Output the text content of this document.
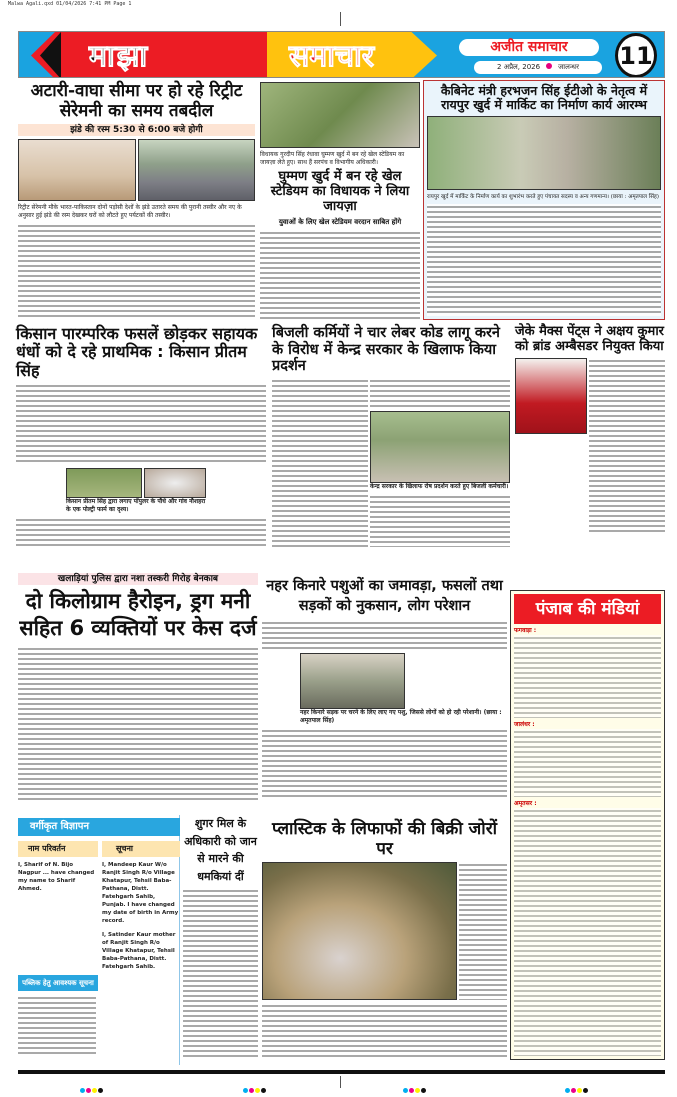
Malwa Agali.qxd 01/04/2026 7:41 PM Page 1
माझा	समाचार	अजीत समाचार
2 अप्रैल, 2026	जालन्धर	11
अटारी-वाघा सीमा पर हो रहे रिट्रीट सेरेमनी का समय तबदील
झंडे की रस्म 5:30 से 6:00 बजे होगी
रिट्रीट सेरेमनी मौके भारत-पाकिस्तान दोनों पड़ोसी देशों के झंडे उतारते समय की पुरानी तस्वीर और नए के अनुसार हुई झंडे की रस्म देखकर घरों को लौटते हुए पर्यटकों की तस्वीर।
विधायक गुरदीप सिंह रंधावा घुम्मण खुर्द में बन रहे खेल स्टेडियम का जायज़ा लेते हुए। साथ हैं सरपंच व विभागीय अधिकारी।
घुम्मण खुर्द में बन रहे खेल स्टेडियम का विधायक ने लिया जायज़ा
युवाओं के लिए खेल स्टेडियम वरदान साबित होंगे
कैबिनेट मंत्री हरभजन सिंह ईटीओ के नेतृत्व में रायपुर खुर्द में मार्किट का निर्माण कार्य आरम्भ
रायपुर खुर्द में मार्किट के निर्माण कार्य का शुभारंभ करते हुए पंचायत सदस्य व अन्य गणमान्य। (छाया : अमृतपाल सिंह)
किसान पारम्परिक फसलें छोड़कर सहायक धंधों को दे रहे प्राथमिक : किसान प्रीतम सिंह
किसान प्रीतम सिंह द्वारा लगाए पॉपुलर के पौधे और गांव नौशहरा के एक पोल्ट्री फार्म का दृश्य।
बिजली कर्मियों ने चार लेबर कोड लागू करने के विरोध में केन्द्र सरकार के खिलाफ किया प्रदर्शन
केन्द्र सरकार के खिलाफ रोष प्रदर्शन करते हुए बिजली कर्मचारी।
जेके मैक्स पेंट्स ने अक्षय कुमार को ब्रांड अम्बैसडर नियुक्त किया
खलाड़ियां पुलिस द्वारा नशा तस्करी गिरोह बेनकाब
दो किलोग्राम हैरोइन, ड्रग मनी सहित 6 व्यक्तियों पर केस दर्ज
नहर किनारे पशुओं का जमावड़ा, फसलों तथा सड़कों को नुकसान, लोग परेशान
नहर किनारे सड़क पर चरने के लिए लाए गए पशु, जिससे लोगों को हो रही परेशानी। (छाया : अमृतपाल सिंह)
पंजाब की मंडियां
फगवाड़ा :
जालंधर :
अमृतसर :
वर्गीकृत विज्ञापन
नाम परिवर्तन	सूचना
I, Sharif of N. Bijo Nagpur ... have changed my name to Sharif Ahmed.
I, Mandeep Kaur W/o Ranjit Singh R/o Village Khatapur, Tehsil Baba-Pathana, Distt. Fatehgarh Sahib, Punjab. I have changed my date of birth in Army record.
I, Satinder Kaur mother of Ranjit Singh R/o Village Khatapur, Tehsil Baba-Pathana, Distt. Fatehgarh Sahib.
पब्लिक हेतु आवश्यक सूचना
शुगर मिल के अधिकारी को जान से मारने की धमकियां दीं
प्लास्टिक के लिफाफों की बिक्री जोरों पर
